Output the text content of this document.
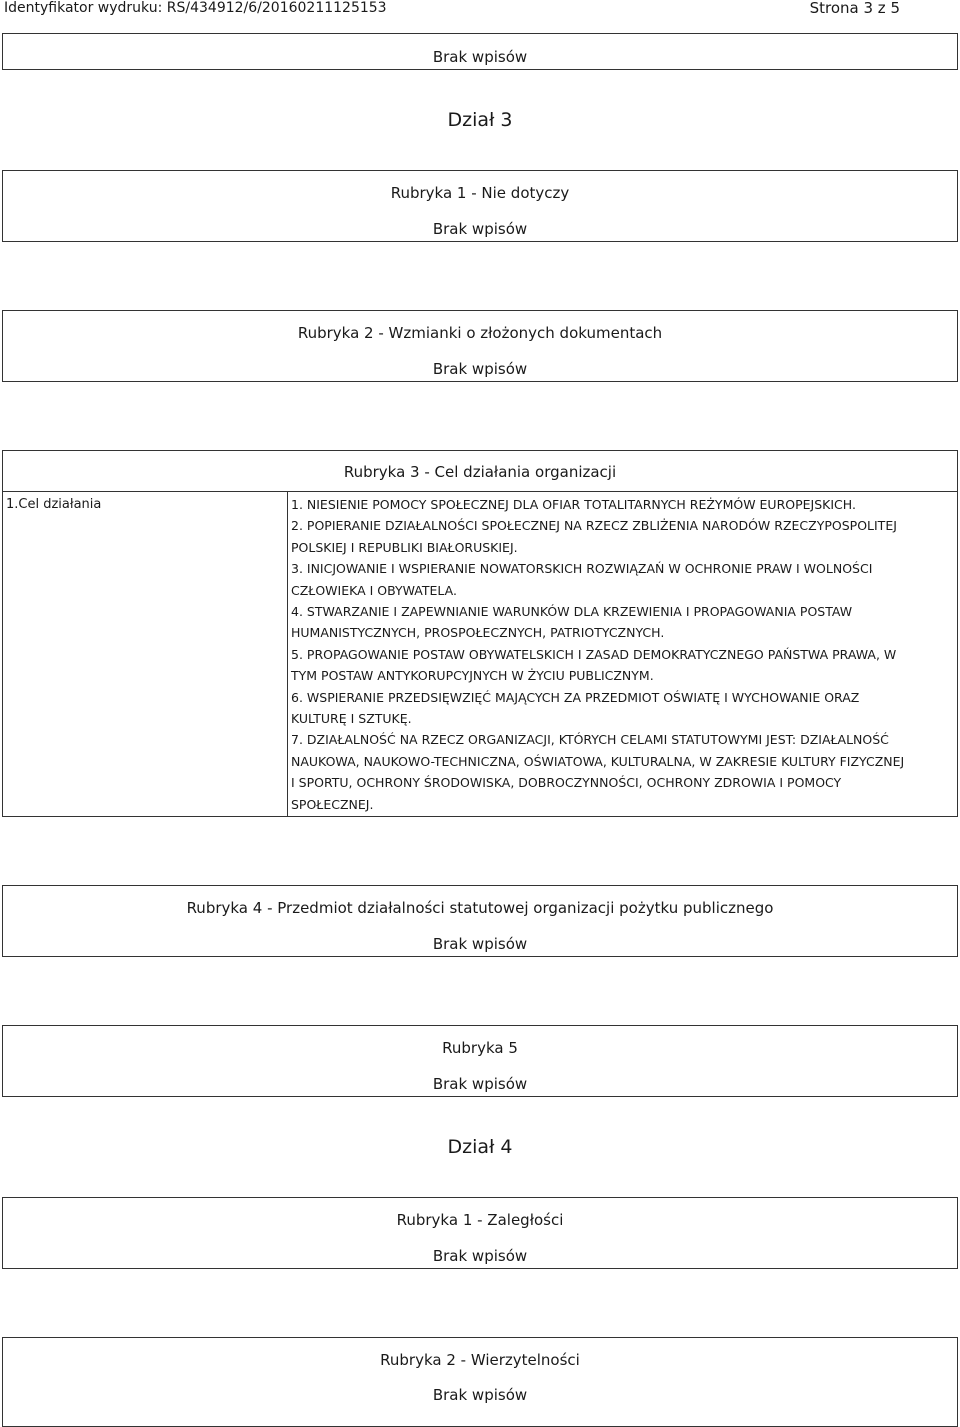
Identyfikator wydruku: RS/434912/6/20160211125153	Strona 3 z 5
Brak wpisów
Dział 3
Rubryka 1 - Nie dotyczy
Brak wpisów
Rubryka 2 - Wzmianki o złożonych dokumentach
Brak wpisów
Rubryka 3 - Cel działania organizacji
1.Cel działania	1. NIESIENIE POMOCY SPOŁECZNEJ DLA OFIAR TOTALITARNYCH REŻYMÓW EUROPEJSKICH.
2. POPIERANIE DZIAŁALNOŚCI SPOŁECZNEJ NA RZECZ ZBLIŻENIA NARODÓW RZECZYPOSPOLITEJ
POLSKIEJ I REPUBLIKI BIAŁORUSKIEJ.
3. INICJOWANIE I WSPIERANIE NOWATORSKICH ROZWIĄZAŃ W OCHRONIE PRAW I WOLNOŚCI
CZŁOWIEKA I OBYWATELA.
4. STWARZANIE I ZAPEWNIANIE WARUNKÓW DLA KRZEWIENIA I PROPAGOWANIA POSTAW
HUMANISTYCZNYCH, PROSPOŁECZNYCH, PATRIOTYCZNYCH.
5. PROPAGOWANIE POSTAW OBYWATELSKICH I ZASAD DEMOKRATYCZNEGO PAŃSTWA PRAWA, W
TYM POSTAW ANTYKORUPCYJNYCH W ŻYCIU PUBLICZNYM.
6. WSPIERANIE PRZEDSIĘWZIĘĆ MAJĄCYCH ZA PRZEDMIOT OŚWIATĘ I WYCHOWANIE ORAZ
KULTURĘ I SZTUKĘ.
7. DZIAŁALNOŚĆ NA RZECZ ORGANIZACJI, KTÓRYCH CELAMI STATUTOWYMI JEST: DZIAŁALNOŚĆ
NAUKOWA, NAUKOWO-TECHNICZNA, OŚWIATOWA, KULTURALNA, W ZAKRESIE KULTURY FIZYCZNEJ
I SPORTU, OCHRONY ŚRODOWISKA, DOBROCZYNNOŚCI, OCHRONY ZDROWIA I POMOCY
SPOŁECZNEJ.
Rubryka 4 - Przedmiot działalności statutowej organizacji pożytku publicznego
Brak wpisów
Rubryka 5
Brak wpisów
Dział 4
Rubryka 1 - Zaległości
Brak wpisów
Rubryka 2 - Wierzytelności
Brak wpisów
